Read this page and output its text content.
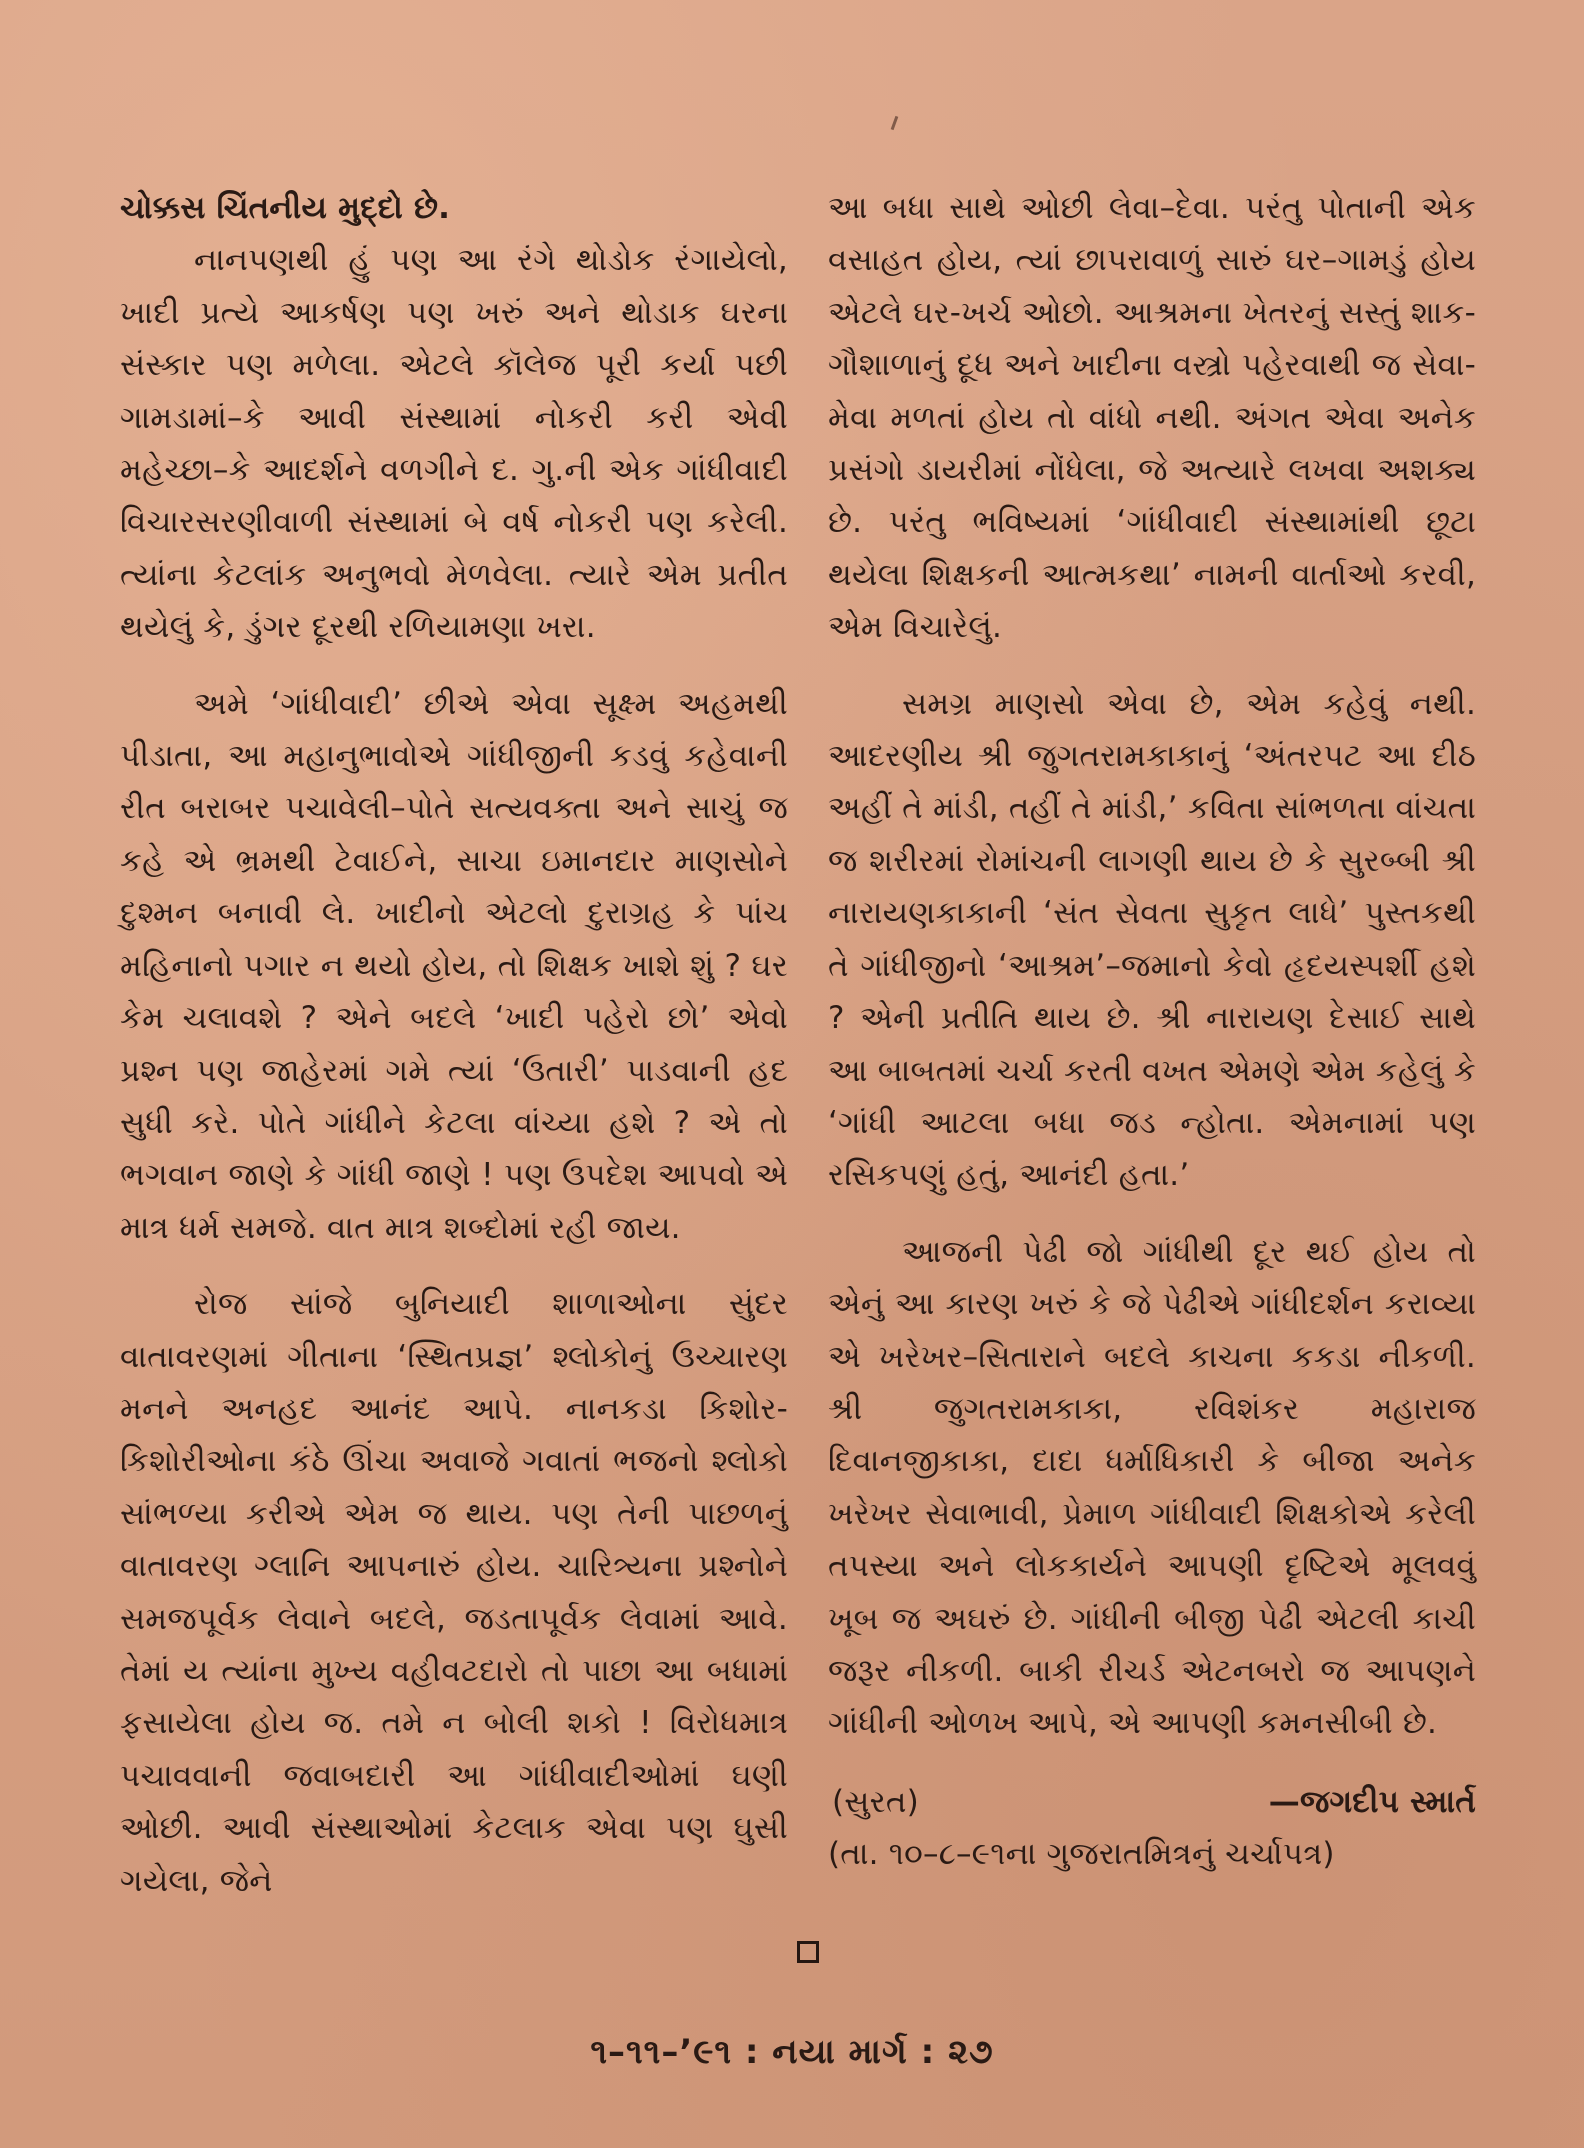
ચોક્કસ ચિંતનીય મુદ્દો છે.

નાનપણથી હું પણ આ રંગે થોડોક રંગાયેલો, ખાદી પ્રત્યે આકર્ષણ પણ ખરું અને થોડાક ઘરના સંસ્કાર પણ મળેલા. એટલે કૉલેજ પૂરી કર્યા પછી ગામડામાં–કે આવી સંસ્થામાં નોકરી કરી એવી મહેચ્છા–કે આદર્શને વળગીને દ. ગુ.ની એક ગાંધીવાદી વિચારસરણીવાળી સંસ્થામાં બે વર્ષ નોકરી પણ કરેલી. ત્યાંના કેટલાંક અનુભવો મેળવેલા. ત્યારે એમ પ્રતીત થયેલું કે, ડુંગર દૂરથી રળિયામણા ખરા.

અમે ‘ગાંધીવાદી’ છીએ એવા સૂક્ષ્મ અહમથી પીડાતા, આ મહાનુભાવોએ ગાંધીજીની કડવું કહેવાની રીત બરાબર પચાવેલી–પોતે સત્યવક્તા અને સાચું જ કહે એ ભ્રમથી ટેવાઈને, સાચા ઇમાનદાર માણસોને દુશ્મન બનાવી લે. ખાદીનો એટલો દુરાગ્રહ કે પાંચ મહિનાનો પગાર ન થયો હોય, તો શિક્ષક ખાશે શું ? ઘર કેમ ચલાવશે ? એને બદલે ‘ખાદી પહેરો છો’ એવો પ્રશ્ન પણ જાહેરમાં ગમે ત્યાં ‘ઉતારી’ પાડવાની હદ સુધી કરે. પોતે ગાંધીને કેટલા વાંચ્યા હશે ? એ તો ભગવાન જાણે કે ગાંધી જાણે ! પણ ઉપદેશ આપવો એ માત્ર ધર્મ સમજે. વાત માત્ર શબ્દોમાં રહી જાય.

રોજ સાંજે બુનિયાદી શાળાઓના સુંદર વાતાવરણમાં ગીતાના ‘સ્થિતપ્રજ્ઞ’ શ્લોકોનું ઉચ્ચારણ મનને અનહદ આનંદ આપે. નાનકડા કિશોર-કિશોરીઓના કંઠે ઊંચા અવાજે ગવાતાં ભજનો શ્લોકો સાંભળ્યા કરીએ એમ જ થાય. પણ તેની પાછળનું વાતાવરણ ગ્લાનિ આપનારું હોય. ચારિત્ર્યના પ્રશ્નોને સમજપૂર્વક લેવાને બદલે, જડતાપૂર્વક લેવામાં આવે. તેમાં ય ત્યાંના મુખ્ય વહીવટદારો તો પાછા આ બધામાં ફસાયેલા હોય જ. તમે ન બોલી શકો ! વિરોધમાત્ર પચાવવાની જવાબદારી આ ગાંધીવાદીઓમાં ઘણી ઓછી. આવી સંસ્થાઓમાં કેટલાક એવા પણ ઘુસી ગયેલા, જેને

આ બધા સાથે ઓછી લેવા–દેવા. પરંતુ પોતાની એક વસાહત હોય, ત્યાં છાપરાવાળું સારું ઘર–ગામડું હોય એટલે ઘર-ખર્ચ ઓછો. આશ્રમના ખેતરનું સસ્તું શાક-ગૌશાળાનું દૂધ અને ખાદીના વસ્ત્રો પહેરવાથી જ સેવા-મેવા મળતાં હોય તો વાંધો નથી. અંગત એવા અનેક પ્રસંગો ડાયરીમાં નોંધેલા, જે અત્યારે લખવા અશક્ય છે. પરંતુ ભવિષ્યમાં ‘ગાંધીવાદી સંસ્થામાંથી છૂટા થયેલા શિક્ષકની આત્મકથા’ નામની વાર્તાઓ કરવી, એમ વિચારેલું.

સમગ્ર માણસો એવા છે, એમ કહેવું નથી. આદરણીય શ્રી જુગતરામકાકાનું ‘અંતરપટ આ દીઠ અહીં તે માંડી, તહીં તે માંડી,’ કવિતા સાંભળતા વાંચતા જ શરીરમાં રોમાંચની લાગણી થાય છે કે સુરબ્બી શ્રી નારાયણકાકાની ‘સંત સેવતા સુકૃત લાધે’ પુસ્તકથી તે ગાંધીજીનો ‘આશ્રમ’–જમાનો કેવો હૃદયસ્પર્શી હશે ? એની પ્રતીતિ થાય છે. શ્રી નારાયણ દેસાઈ સાથે આ બાબતમાં ચર્ચા કરતી વખત એમણે એમ કહેલું કે ‘ગાંધી આટલા બધા જડ ન્હોતા. એમનામાં પણ રસિકપણું હતું, આનંદી હતા.’

આજની પેઢી જો ગાંધીથી દૂર થઈ હોય તો એનું આ કારણ ખરું કે જે પેઢીએ ગાંધીદર્શન કરાવ્યા એ ખરેખર–સિતારાને બદલે કાચના કકડા નીકળી. શ્રી જુગતરામકાકા, રવિશંકર મહારાજ દિવાનજીકાકા, દાદા ધર્માધિકારી કે બીજા અનેક ખરેખર સેવાભાવી, પ્રેમાળ ગાંધીવાદી શિક્ષકોએ કરેલી તપસ્યા અને લોકકાર્યને આપણી દૃષ્ટિએ મૂલવવું ખૂબ જ અઘરું છે. ગાંધીની બીજી પેઢી એટલી કાચી જરૂર નીકળી. બાકી રીચર્ડ એટનબરો જ આપણને ગાંધીની ઓળખ આપે, એ આપણી કમનસીબી છે.

(સુરત)	—જગદીપ સ્માર્ત

(તા. ૧૦–૮–૯૧ના ગુજરાતમિત્રનું ચર્ચાપત્ર)

૧–૧૧–’૯૧ : નયા માર્ગ : ૨૭
